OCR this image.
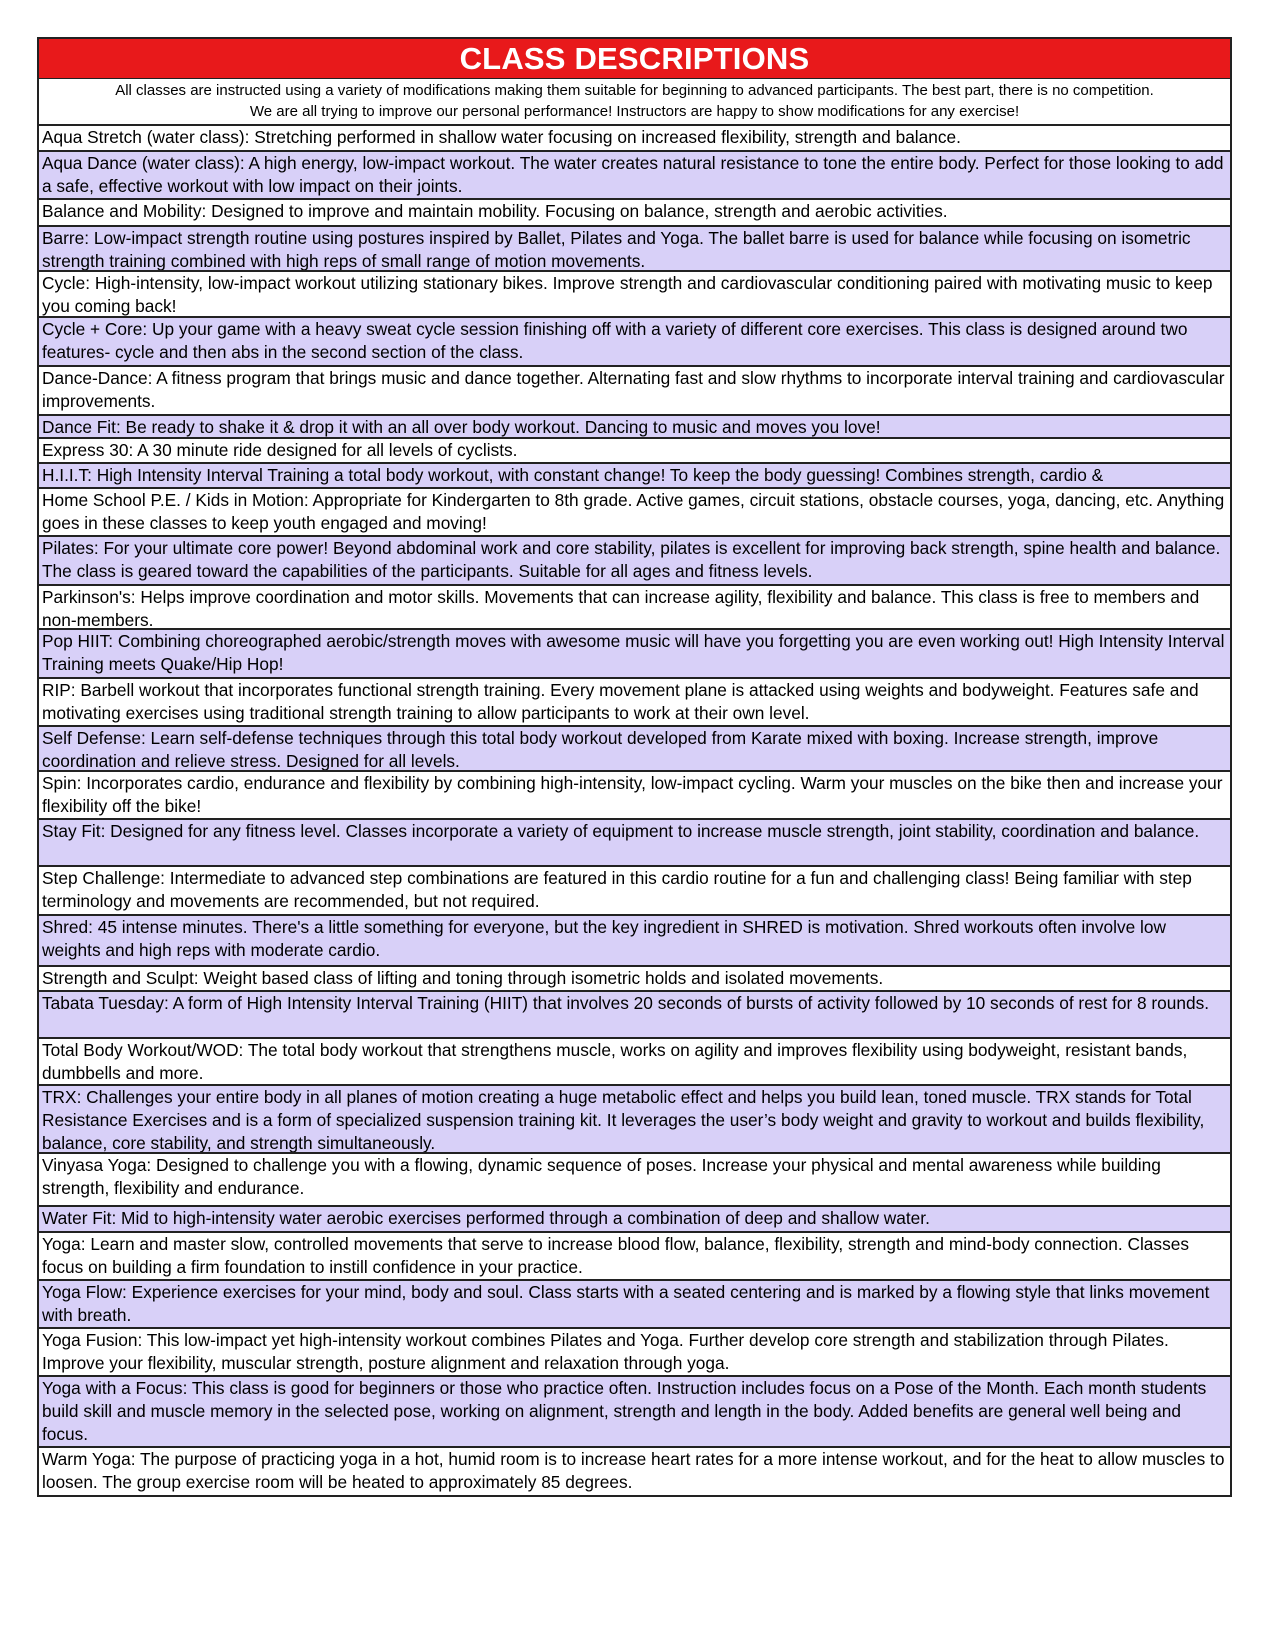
CLASS DESCRIPTIONS
All classes are instructed using a variety of modifications making them suitable for beginning to advanced participants. The best part, there is no competition.
We are all trying to improve our personal performance! Instructors are happy to show modifications for any exercise!
Aqua Stretch (water class): Stretching performed in shallow water focusing on increased flexibility, strength and balance.
Aqua Dance (water class): A high energy, low-impact workout. The water creates natural resistance to tone the entire body. Perfect for those looking to add a safe, effective workout with low impact on their joints.
Balance and Mobility: Designed to improve and maintain mobility. Focusing on balance, strength and aerobic activities.
Barre: Low-impact strength routine using postures inspired by Ballet, Pilates and Yoga. The ballet barre is used for balance while focusing on isometric strength training combined with high reps of small range of motion movements.
Cycle: High-intensity, low-impact workout utilizing stationary bikes. Improve strength and cardiovascular conditioning paired with motivating music to keep you coming back!
Cycle + Core: Up your game with a heavy sweat cycle session finishing off with a variety of different core exercises. This class is designed around two features- cycle and then abs in the second section of the class.
Dance-Dance: A fitness program that brings music and dance together. Alternating fast and slow rhythms to incorporate interval training and cardiovascular improvements.
Dance Fit: Be ready to shake it & drop it with an all over body workout. Dancing to music and moves you love!
Express 30: A 30 minute ride designed for all levels of cyclists.
H.I.I.T: High Intensity Interval Training a total body workout, with constant change! To keep the body guessing! Combines strength, cardio &
Home School P.E. / Kids in Motion: Appropriate for Kindergarten to 8th grade. Active games, circuit stations, obstacle courses, yoga, dancing, etc. Anything goes in these classes to keep youth engaged and moving!
Pilates: For your ultimate core power! Beyond abdominal work and core stability, pilates is excellent for improving back strength, spine health and balance. The class is geared toward the capabilities of the participants. Suitable for all ages and fitness levels.
Parkinson's: Helps improve coordination and motor skills. Movements that can increase agility, flexibility and balance. This class is free to members and non-members.
Pop HIIT: Combining choreographed aerobic/strength moves with awesome music will have you forgetting you are even working out! High Intensity Interval Training meets Quake/Hip Hop!
RIP: Barbell workout that incorporates functional strength training. Every movement plane is attacked using weights and bodyweight. Features safe and motivating exercises using traditional strength training to allow participants to work at their own level.
Self Defense: Learn self-defense techniques through this total body workout developed from Karate mixed with boxing. Increase strength, improve coordination and relieve stress. Designed for all levels.
Spin: Incorporates cardio, endurance and flexibility by combining high-intensity, low-impact cycling. Warm your muscles on the bike then and increase your flexibility off the bike!
Stay Fit: Designed for any fitness level. Classes incorporate a variety of equipment to increase muscle strength, joint stability, coordination and balance.
Step Challenge: Intermediate to advanced step combinations are featured in this cardio routine for a fun and challenging class! Being familiar with step terminology and movements are recommended, but not required.
Shred: 45 intense minutes. There's a little something for everyone, but the key ingredient in SHRED is motivation. Shred workouts often involve low weights and high reps with moderate cardio.
Strength and Sculpt: Weight based class of lifting and toning through isometric holds and isolated movements.
Tabata Tuesday: A form of High Intensity Interval Training (HIIT) that involves 20 seconds of bursts of activity followed by 10 seconds of rest for 8 rounds.
Total Body Workout/WOD: The total body workout that strengthens muscle, works on agility and improves flexibility using bodyweight, resistant bands, dumbbells and more.
TRX: Challenges your entire body in all planes of motion creating a huge metabolic effect and helps you build lean, toned muscle. TRX stands for Total Resistance Exercises and is a form of specialized suspension training kit. It leverages the user’s body weight and gravity to workout and builds flexibility, balance, core stability, and strength simultaneously.
Vinyasa Yoga: Designed to challenge you with a flowing, dynamic sequence of poses. Increase your physical and mental awareness while building strength, flexibility and endurance.
Water Fit: Mid to high-intensity water aerobic exercises performed through a combination of deep and shallow water.
Yoga: Learn and master slow, controlled movements that serve to increase blood flow, balance, flexibility, strength and mind-body connection. Classes focus on building a firm foundation to instill confidence in your practice.
Yoga Flow: Experience exercises for your mind, body and soul. Class starts with a seated centering and is marked by a flowing style that links movement with breath.
Yoga Fusion: This low-impact yet high-intensity workout combines Pilates and Yoga. Further develop core strength and stabilization through Pilates. Improve your flexibility, muscular strength, posture alignment and relaxation through yoga.
Yoga with a Focus: This class is good for beginners or those who practice often. Instruction includes focus on a Pose of the Month. Each month students build skill and muscle memory in the selected pose, working on alignment, strength and length in the body. Added benefits are general well being and focus.
Warm Yoga: The purpose of practicing yoga in a hot, humid room is to increase heart rates for a more intense workout, and for the heat to allow muscles to loosen. The group exercise room will be heated to approximately 85 degrees.
